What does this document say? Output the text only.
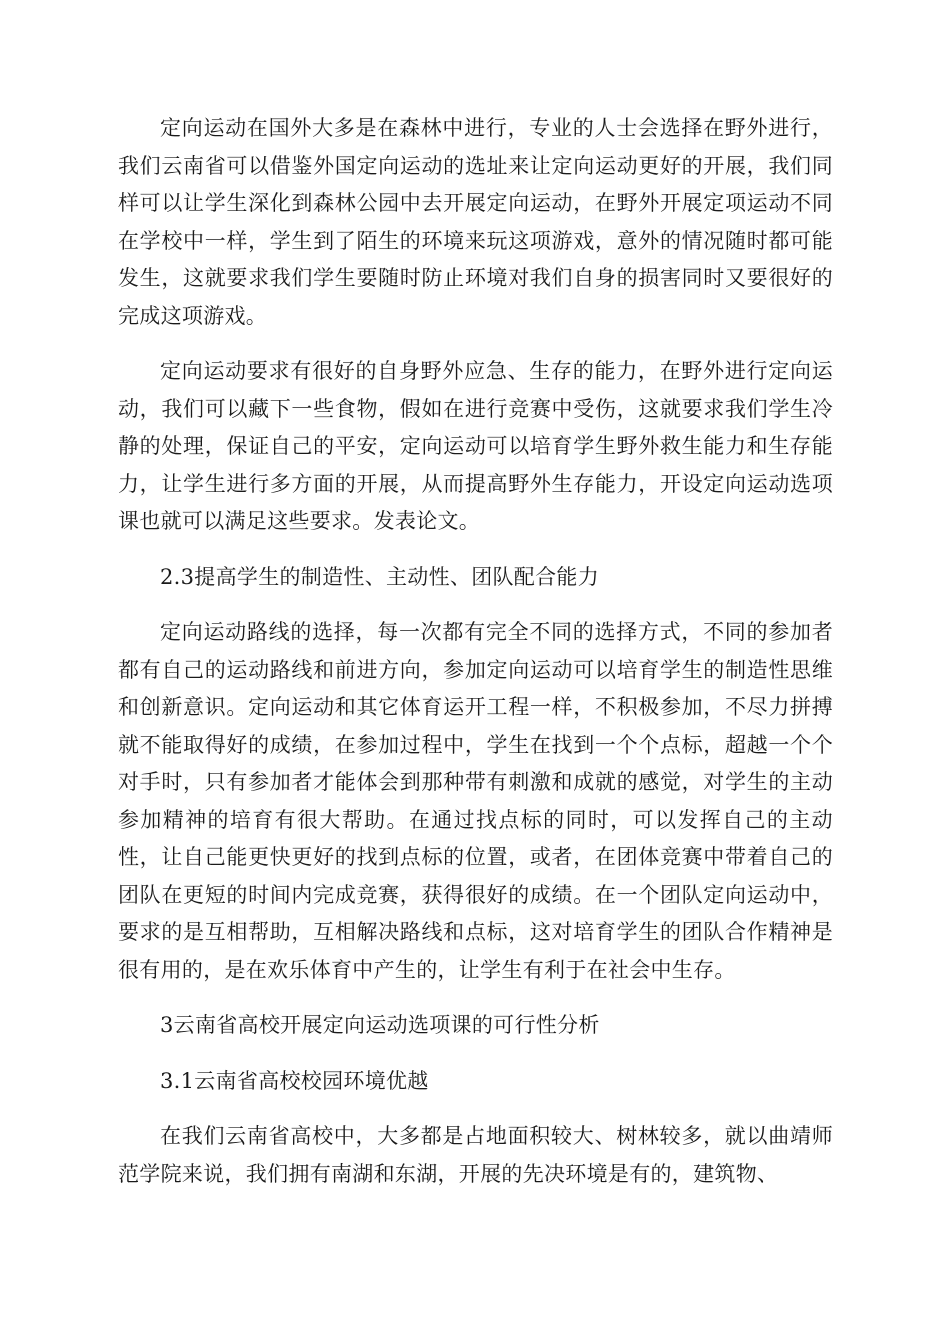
定向运动在国外大多是在森林中进行，专业的人士会选择在野外进行，我们云南省可以借鉴外国定向运动的选址来让定向运动更好的开展，我们同样可以让学生深化到森林公园中去开展定向运动，在野外开展定项运动不同在学校中一样，学生到了陌生的环境来玩这项游戏，意外的情况随时都可能发生，这就要求我们学生要随时防止环境对我们自身的损害同时又要很好的完成这项游戏。

定向运动要求有很好的自身野外应急、生存的能力，在野外进行定向运动，我们可以藏下一些食物，假如在进行竞赛中受伤，这就要求我们学生冷静的处理，保证自己的平安，定向运动可以培育学生野外救生能力和生存能力，让学生进行多方面的开展，从而提高野外生存能力，开设定向运动选项课也就可以满足这些要求。发表论文。

2.3提高学生的制造性、主动性、团队配合能力

定向运动路线的选择，每一次都有完全不同的选择方式，不同的参加者都有自己的运动路线和前进方向，参加定向运动可以培育学生的制造性思维和创新意识。定向运动和其它体育运开工程一样，不积极参加，不尽力拼搏就不能取得好的成绩，在参加过程中，学生在找到一个个点标，超越一个个对手时，只有参加者才能体会到那种带有刺激和成就的感觉，对学生的主动参加精神的培育有很大帮助。在通过找点标的同时，可以发挥自己的主动性，让自己能更快更好的找到点标的位置，或者，在团体竞赛中带着自己的团队在更短的时间内完成竞赛，获得很好的成绩。在一个团队定向运动中，要求的是互相帮助，互相解决路线和点标，这对培育学生的团队合作精神是很有用的，是在欢乐体育中产生的，让学生有利于在社会中生存。

3云南省高校开展定向运动选项课的可行性分析

3.1云南省高校校园环境优越

在我们云南省高校中，大多都是占地面积较大、树林较多，就以曲靖师范学院来说，我们拥有南湖和东湖，开展的先决环境是有的，建筑物、
